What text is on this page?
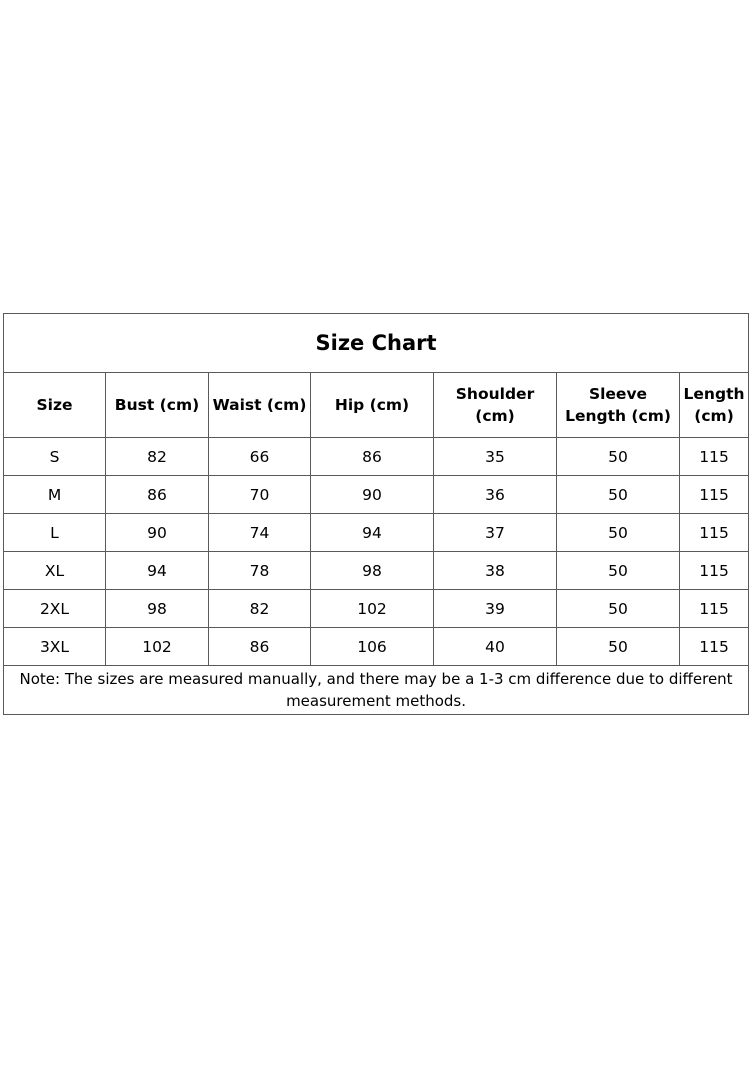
Size Chart						
Size	Bust (cm)	Waist (cm)	Hip (cm)	Shoulder (cm)	Sleeve Length (cm)	Length (cm)
S	82	66	86	35	50	115
M	86	70	90	36	50	115
L	90	74	94	37	50	115
XL	94	78	98	38	50	115
2XL	98	82	102	39	50	115
3XL	102	86	106	40	50	115
Note: The sizes are measured manually, and there may be a 1-3 cm difference due to different measurement methods.						
